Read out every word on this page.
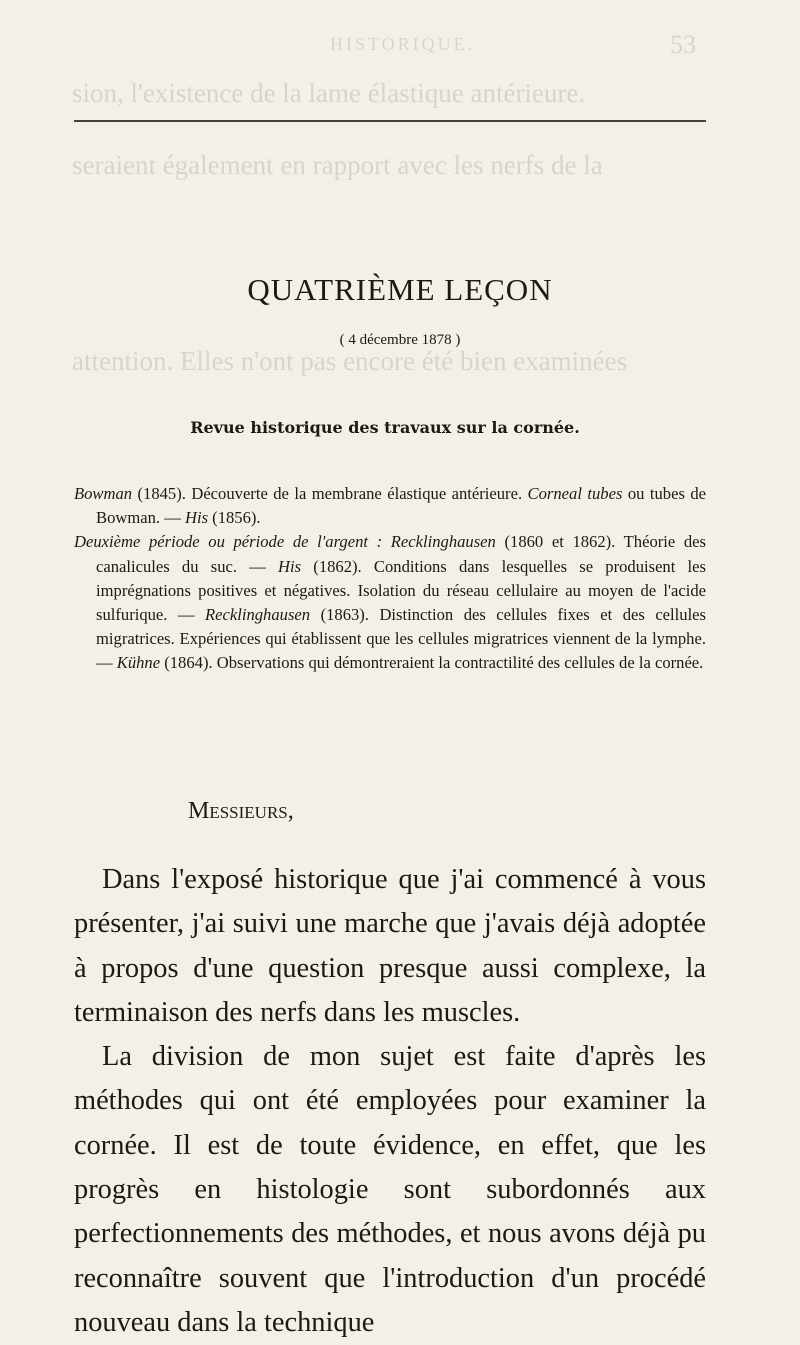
HISTORIQUE.	53
sion, l'existence de la lame élastique antérieure.
seraient également en rapport avec les nerfs de la
attention. Elles n'ont pas encore été bien examinées
QUATRIÈME LEÇON
( 4 décembre 1878 )
Revue historique des travaux sur la cornée.

Bowman (1845). Découverte de la membrane élastique antérieure. Corneal tubes ou tubes de Bowman. — His (1856).

Deuxième période ou période de l'argent : Recklinghausen (1860 et 1862). Théorie des canalicules du suc. — His (1862). Conditions dans lesquelles se produisent les imprégnations positives et négatives. Isolation du réseau cellulaire au moyen de l'acide sulfurique. — Recklinghausen (1863). Distinction des cellules fixes et des cellules migratrices. Expériences qui établissent que les cellules migratrices viennent de la lymphe. — Kühne (1864). Observations qui démontreraient la contractilité des cellules de la cornée.

Messieurs,

Dans l'exposé historique que j'ai commencé à vous présenter, j'ai suivi une marche que j'avais déjà adoptée à propos d'une question presque aussi complexe, la terminaison des nerfs dans les muscles.

La division de mon sujet est faite d'après les méthodes qui ont été employées pour examiner la cornée. Il est de toute évidence, en effet, que les progrès en histologie sont subordonnés aux perfectionnements des méthodes, et nous avons déjà pu reconnaître souvent que l'introduction d'un procédé nouveau dans la technique
